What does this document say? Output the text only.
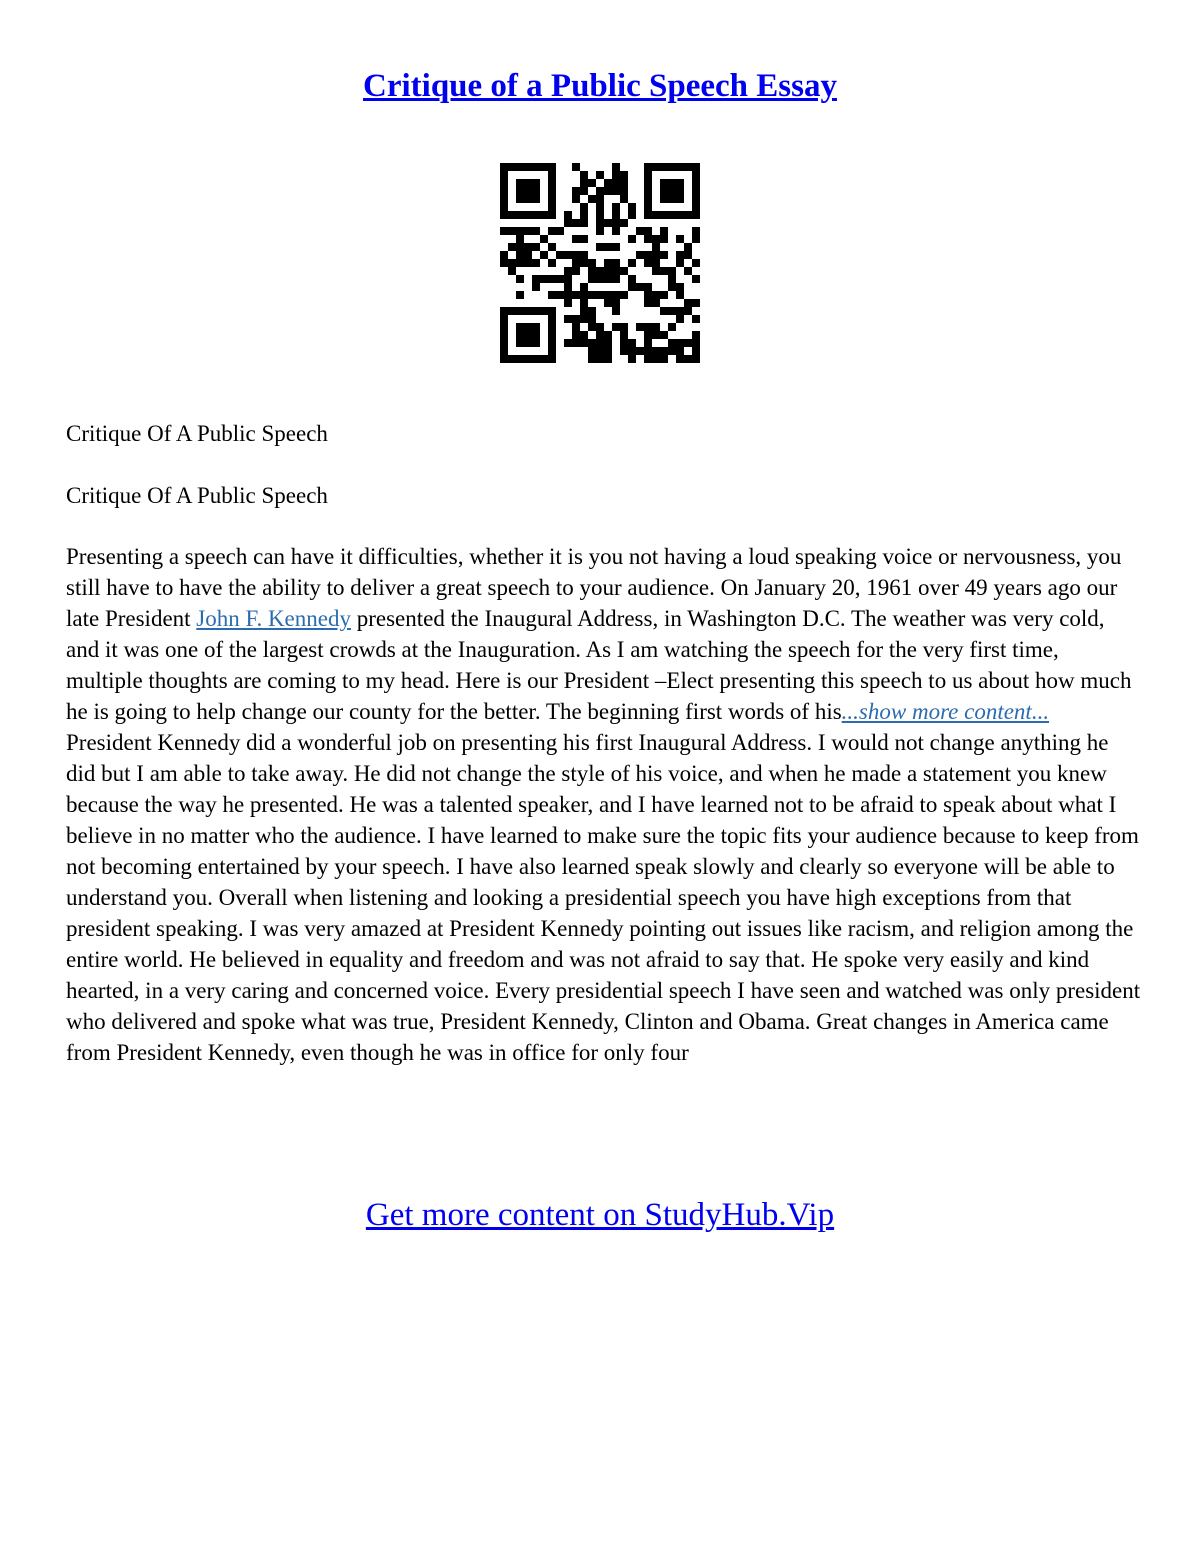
Critique of a Public Speech Essay
Critique Of A Public Speech
Critique Of A Public Speech
Presenting a speech can have it difficulties, whether it is you not having a loud speaking voice or nervousness, you still have to have the ability to deliver a great speech to your audience. On January 20, 1961 over 49 years ago our late President John F. Kennedy presented the Inaugural Address, in Washington D.C. The weather was very cold, and it was one of the largest crowds at the Inauguration. As I am watching the speech for the very first time, multiple thoughts are coming to my head. Here is our President –Elect presenting this speech to us about how much he is going to help change our county for the better. The beginning first words of his...show more content...
President Kennedy did a wonderful job on presenting his first Inaugural Address. I would not change anything he did but I am able to take away. He did not change the style of his voice, and when he made a statement you knew because the way he presented. He was a talented speaker, and I have learned not to be afraid to speak about what I believe in no matter who the audience. I have learned to make sure the topic fits your audience because to keep from not becoming entertained by your speech. I have also learned speak slowly and clearly so everyone will be able to understand you. Overall when listening and looking a presidential speech you have high exceptions from that president speaking. I was very amazed at President Kennedy pointing out issues like racism, and religion among the entire world. He believed in equality and freedom and was not afraid to say that. He spoke very easily and kind hearted, in a very caring and concerned voice. Every presidential speech I have seen and watched was only president who delivered and spoke what was true, President Kennedy, Clinton and Obama. Great changes in America came from President Kennedy, even though he was in office for only four
Get more content on StudyHub.Vip
